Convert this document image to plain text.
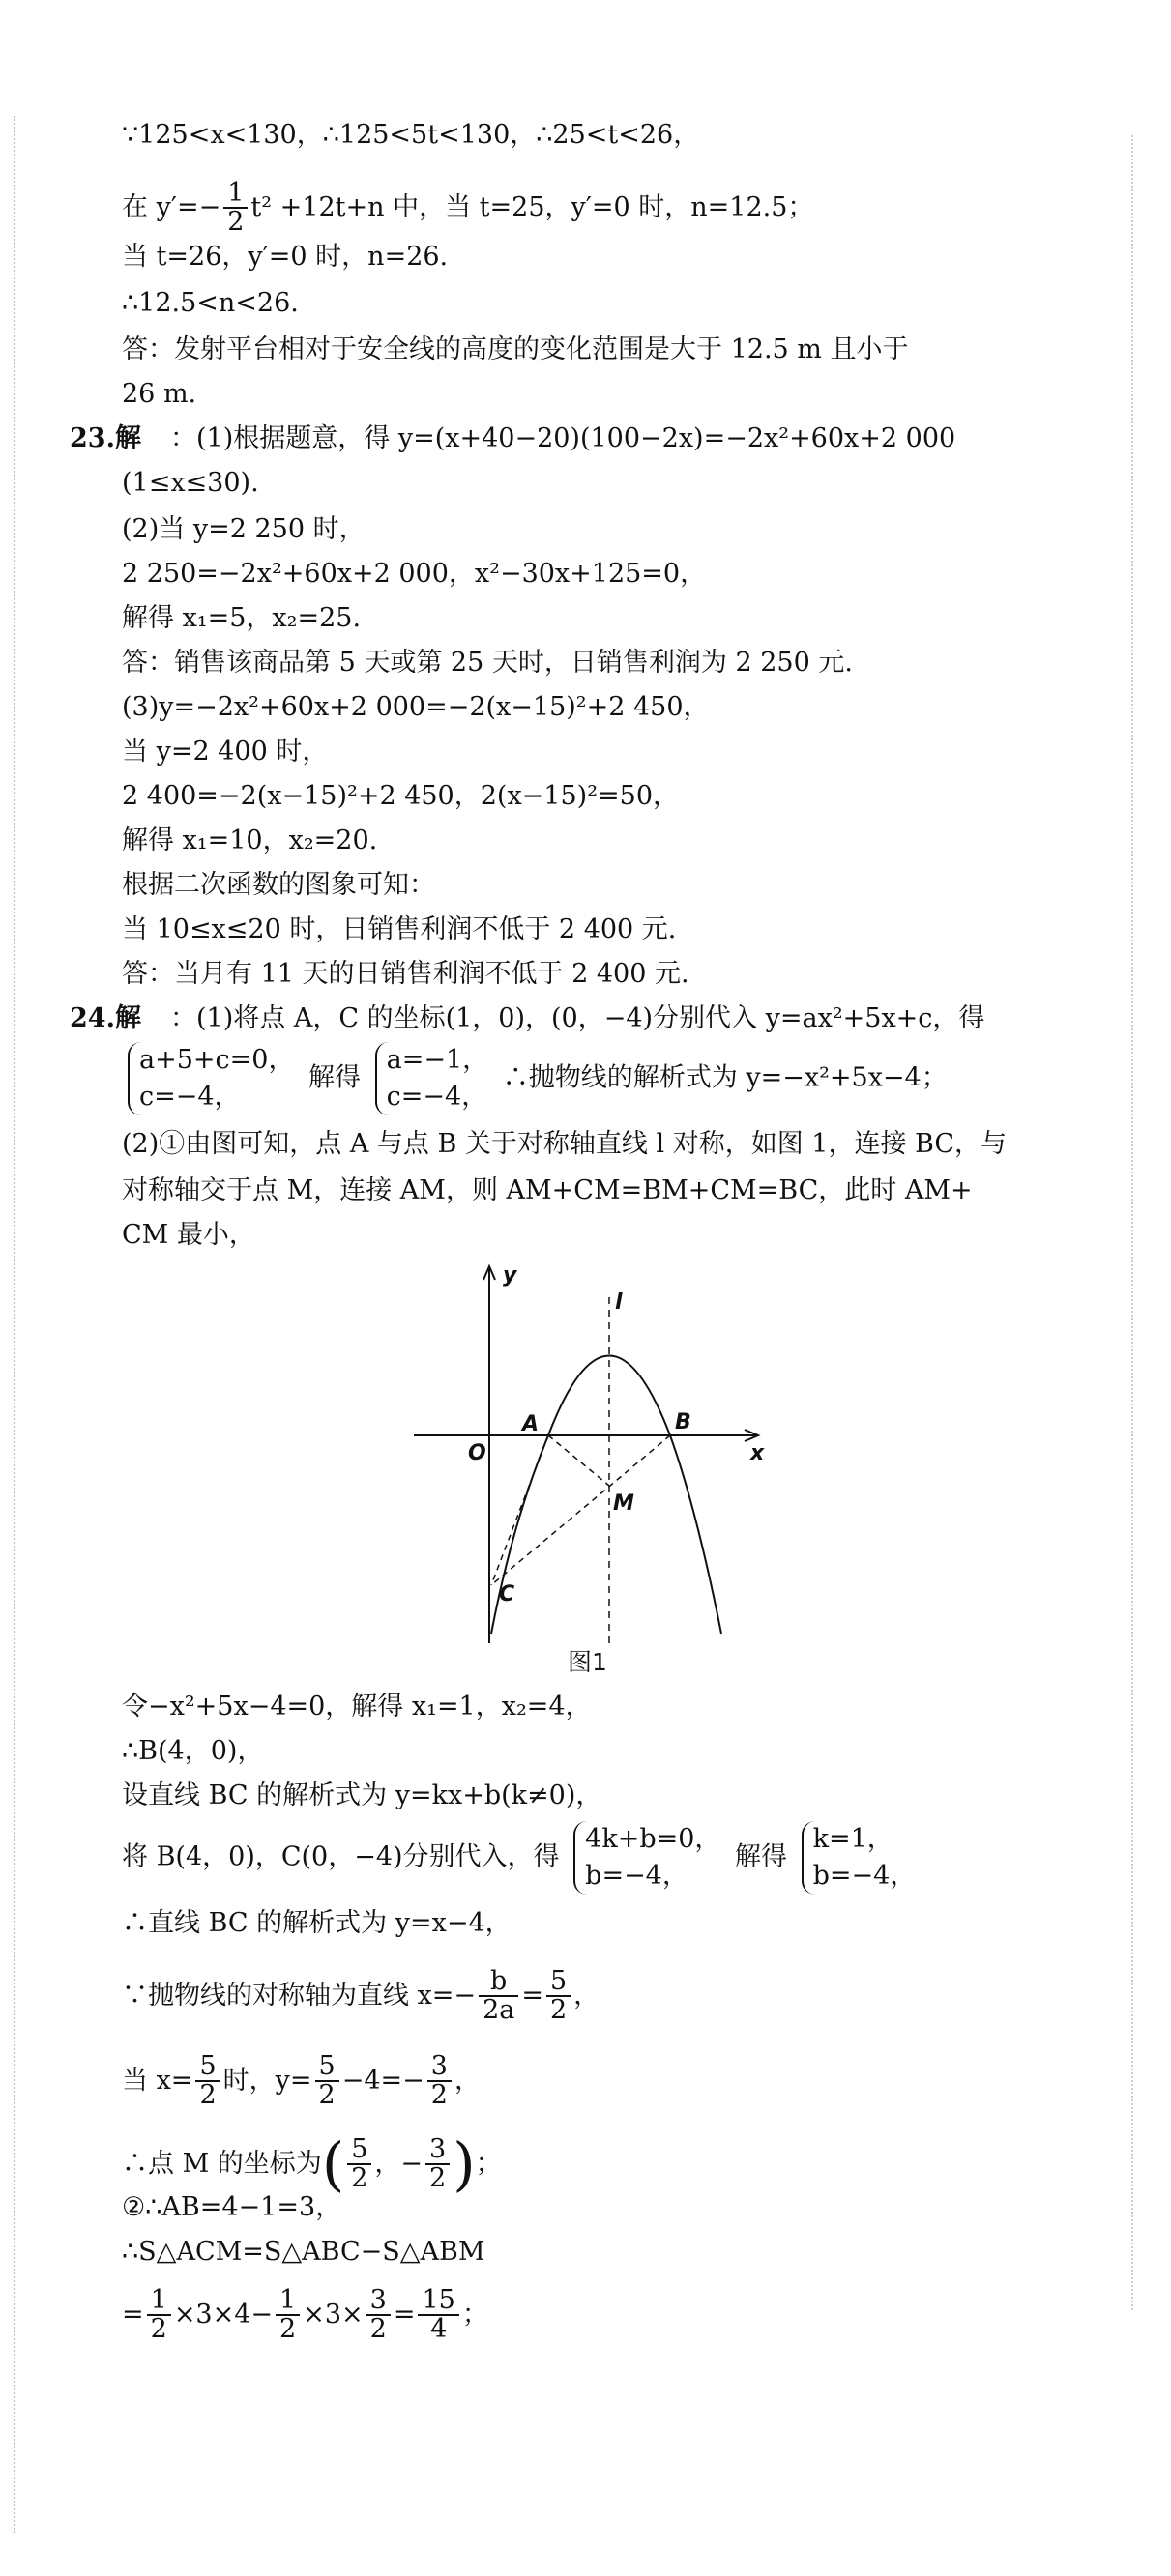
∵125<x<130，∴125<5t<130，∴25<t<26，
在 $y'=- \frac{1}{2} t^2 +12t+n$ 中，当 t=25，y′=0 时，n=12.5；
当 t=26，y′=0 时，n=26.
∴12.5<n<26.
答：发射平台相对于安全线的高度的变化范围是大于 12.5 m 且小于
26 m.
23.解 ：(1)根据题意，得 y=(x+40−20)(100−2x)=−2x²+60x+2 000
(1≤x≤30).
(2)当 y=2 250 时，
2 250=−2x²+60x+2 000，x²−30x+125=0，
解得 x₁=5，x₂=25.
答：销售该商品第 5 天或第 25 天时，日销售利润为 2 250 元.
(3)y=−2x²+60x+2 000=−2(x−15)²+2 450，
当 y=2 400 时，
2 400=−2(x−15)²+2 450，2(x−15)²=50，
解得 x₁=10，x₂=20.
根据二次函数的图象可知：
当 10≤x≤20 时，日销售利润不低于 2 400 元.
答：当月有 11 天的日销售利润不低于 2 400 元.
24.解 ：(1)将点 A，C 的坐标(1，0)，(0，−4)分别代入 y=ax²+5x+c，得
a+5+c=0，
c=−4，
解得
a=−1，
c=−4，
∴抛物线的解析式为 y=−x²+5x−4；
(2)①由图可知，点 A 与点 B 关于对称轴直线 l 对称，如图 1，连接 BC，与
对称轴交于点 M，连接 AM，则 AM+CM=BM+CM=BC，此时 AM+
CM 最小，
y
x
l
O
A	B
M
C
图1
令−x²+5x−4=0，解得 x₁=1，x₂=4，
∴B(4，0)，
设直线 BC 的解析式为 y=kx+b(k≠0)，
将 B(4，0)，C(0，−4)分别代入，得
4k+b=0，
b=−4，
解得
k=1，
b=−4，
∴直线 BC 的解析式为 y=x−4，
∵抛物线的对称轴为直线 $x=- \frac{b}{2a} = \frac{5}{2}$ ，
当 $x= \frac{5}{2}$ 时，$y= \frac{5}{2} -4=- \frac{3}{2}$ ，
∴点 M 的坐标为( $\frac{5}{2}$ ，− $\frac{3}{2}$ )；
②∴AB=4−1=3，
∴S△ACM=S△ABC−S△ABM
= $\frac{1}{2} \times 3\times 4- \frac{1}{2} \times 3\times \frac{3}{2} = \frac{15}{4}$ ；
